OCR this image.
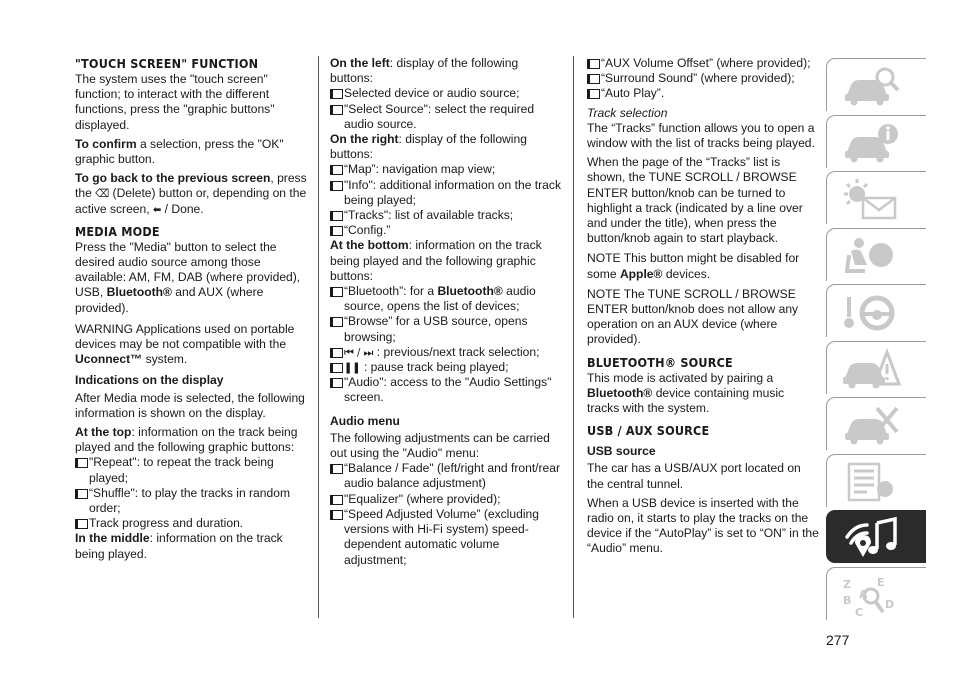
"TOUCH SCREEN" FUNCTION
The system uses the "touch screen" function; to interact with the different functions, press the "graphic buttons" displayed.
To confirm a selection, press the "OK" graphic button.
To go back to the previous screen, press the ⌫ (Delete) button or, depending on the active screen, ⬅ / Done.
MEDIA MODE
Press the "Media" button to select the desired audio source among those available: AM, FM, DAB (where provided), USB, Bluetooth® and AUX (where provided).
WARNING Applications used on portable devices may be not compatible with the Uconnect™ system.
Indications on the display
After Media mode is selected, the following information is shown on the display.
At the top: information on the track being played and the following graphic buttons:
"Repeat": to repeat the track being played;
“Shuffle": to play the tracks in random order;
Track progress and duration.
In the middle: information on the track being played.
On the left: display of the following buttons:
Selected device or audio source;
"Select Source": select the required audio source.
On the right: display of the following buttons:
“Map”: navigation map view;
"Info": additional information on the track being played;
“Tracks": list of available tracks;
“Config.”
At the bottom: information on the track being played and the following graphic buttons:
“Bluetooth”: for a Bluetooth® audio source, opens the list of devices;
“Browse” for a USB source, opens browsing;
⏮ / ⏭ : previous/next track selection;
❚❚ : pause track being played;
"Audio": access to the "Audio Settings" screen.
Audio menu
The following adjustments can be carried out using the "Audio" menu:
“Balance / Fade" (left/right and front/rear audio balance adjustment)
"Equalizer" (where provided);
“Speed Adjusted Volume” (excluding versions with Hi-Fi system) speed-dependent automatic volume adjustment;
“AUX Volume Offset” (where provided);
“Surround Sound” (where provided);
“Auto Play”.
Track selection
The “Tracks” function allows you to open a window with the list of tracks being played.
When the page of the “Tracks” list is shown, the TUNE SCROLL / BROWSE ENTER button/knob can be turned to highlight a track (indicated by a line over and under the title), when press the button/knob again to start playback.
NOTE This button might be disabled for some Apple® devices.
NOTE The TUNE SCROLL / BROWSE ENTER button/knob does not allow any operation on an AUX device (where provided).
BLUETOOTH® SOURCE
This mode is activated by pairing a Bluetooth® device containing music tracks with the system.
USB / AUX SOURCE
USB source
The car has a USB/AUX port located on the central tunnel.
When a USB device is inserted with the radio on, it starts to play the tracks on the device if the “AutoPlay” is set to “ON” in the “Audio” menu.
Z E
B A
C
D
277
